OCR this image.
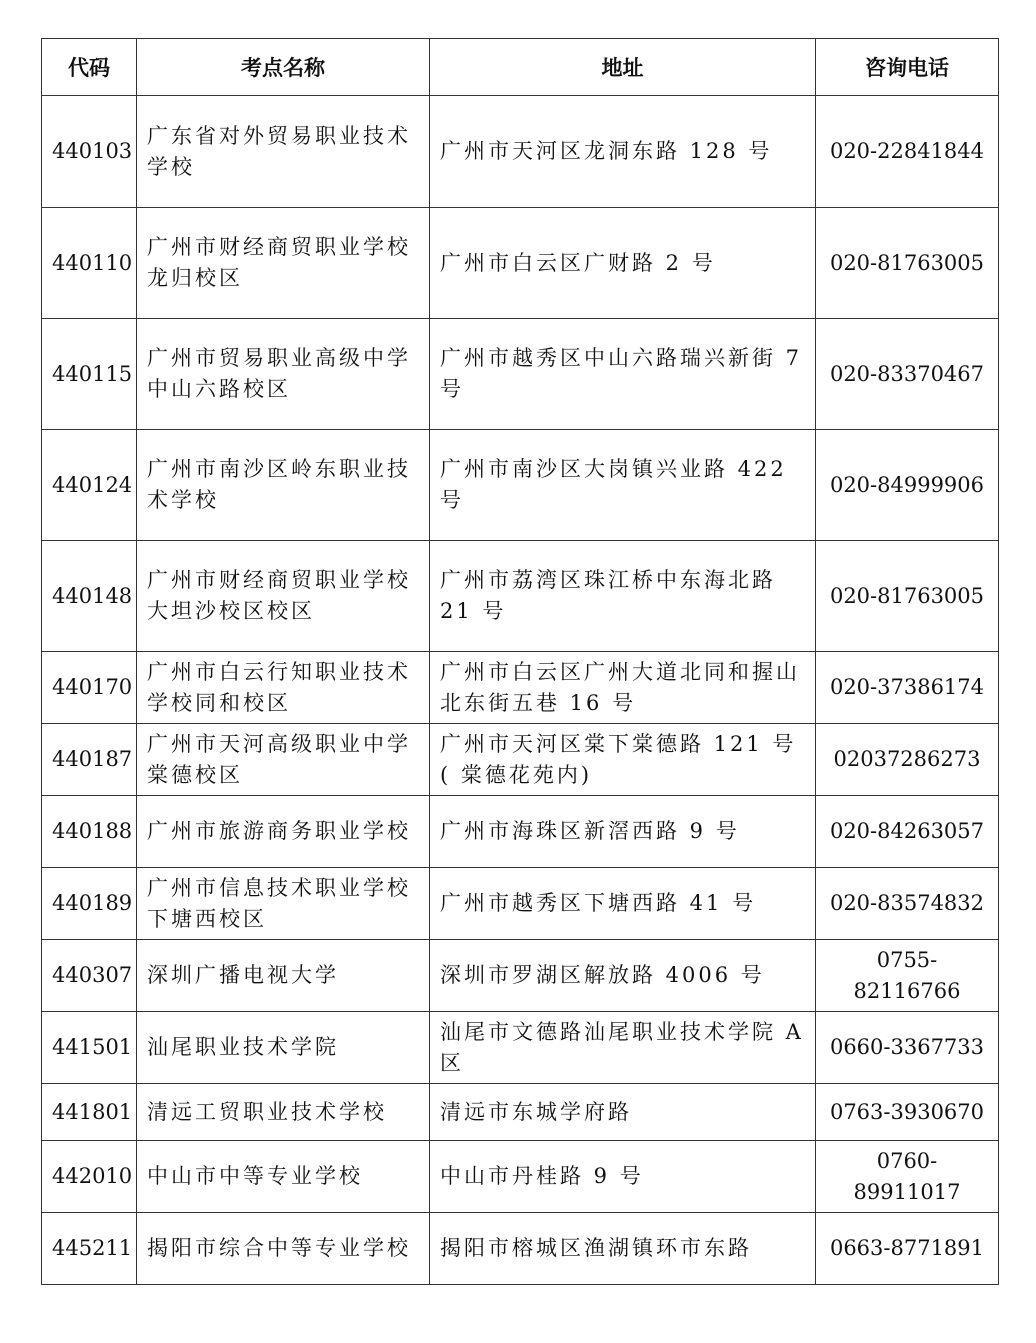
代码	考点名称	地址	咨询电话
440103	广东省对外贸易职业技术学校	广州市天河区龙洞东路 128 号	020-22841844
440110	广州市财经商贸职业学校龙归校区	广州市白云区广财路 2 号	020-81763005
440115	广州市贸易职业高级中学中山六路校区	广州市越秀区中山六路瑞兴新街 7 号	020-83370467
440124	广州市南沙区岭东职业技术学校	广州市南沙区大岗镇兴业路 422 号	020-84999906
440148	广州市财经商贸职业学校大坦沙校区校区	广州市荔湾区珠江桥中东海北路 21 号	020-81763005
440170	广州市白云行知职业技术学校同和校区	广州市白云区广州大道北同和握山北东街五巷 16 号	020-37386174
440187	广州市天河高级职业中学棠德校区	广州市天河区棠下棠德路 121 号( 棠德花苑内)	02037286273
440188	广州市旅游商务职业学校	广州市海珠区新滘西路 9 号	020-84263057
440189	广州市信息技术职业学校下塘西校区	广州市越秀区下塘西路 41 号	020-83574832
440307	深圳广播电视大学	深圳市罗湖区解放路 4006 号	0755-82116766
441501	汕尾职业技术学院	汕尾市文德路汕尾职业技术学院 A 区	0660-3367733
441801	清远工贸职业技术学校	清远市东城学府路	0763-3930670
442010	中山市中等专业学校	中山市丹桂路 9 号	0760-89911017
445211	揭阳市综合中等专业学校	揭阳市榕城区渔湖镇环市东路	0663-8771891
